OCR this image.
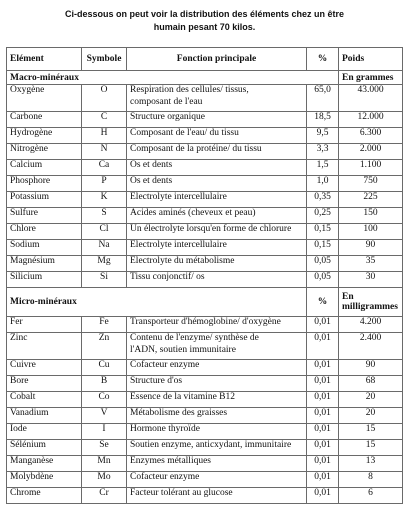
Ci-dessous on peut voir la distribution des éléments chez un être
humain pesant 70 kilos.
Elément	Symbole	Fonction principale	%	Poids
Macro-minéraux				En grammes
Oxygène	O	Respiration des cellules/ tissus,
composant de l'eau	65,0	43.000
Carbone	C	Structure organique	18,5	12.000
Hydrogène	H	Composant de l'eau/ du tissu	9,5	6.300
Nitrogène	N	Composant de la protéine/ du tissu	3,3	2.000
Calcium	Ca	Os et dents	1,5	1.100
Phosphore	P	Os et dents	1,0	750
Potassium	K	Electrolyte intercellulaire	0,35	225
Sulfure	S	Acides aminés (cheveux et peau)	0,25	150
Chlore	Cl	Un électrolyte lorsqu'en forme de chlorure	0,15	100
Sodium	Na	Electrolyte intercellulaire	0,15	90
Magnésium	Mg	Electrolyte du métabolisme	0,05	35
Silicium	Si	Tissu conjonctif/ os	0,05	30
Micro-minéraux			%	En
milligrammes

Fer	Fe	Transporteur d'hémoglobine/ d'oxygène	0,01	4.200
Zinc	Zn	Contenu de l'enzyme/ synthèse de
l'ADN, soutien immunitaire	0,01	2.400
Cuivre	Cu	Cofacteur enzyme	0,01	90
Bore	B	Structure d'os	0,01	68
Cobalt	Co	Essence de la vitamine B12	0,01	20
Vanadium	V	Métabolisme des graisses	0,01	20
Iode	I	Hormone thyroïde	0,01	15
Sélénium	Se	Soutien enzyme, anticxydant, immunitaire	0,01	15
Manganèse	Mn	Enzymes métalliques	0,01	13
Molybdène	Mo	Cofacteur enzyme	0,01	8
Chrome	Cr	Facteur tolérant au glucose	0,01	6
